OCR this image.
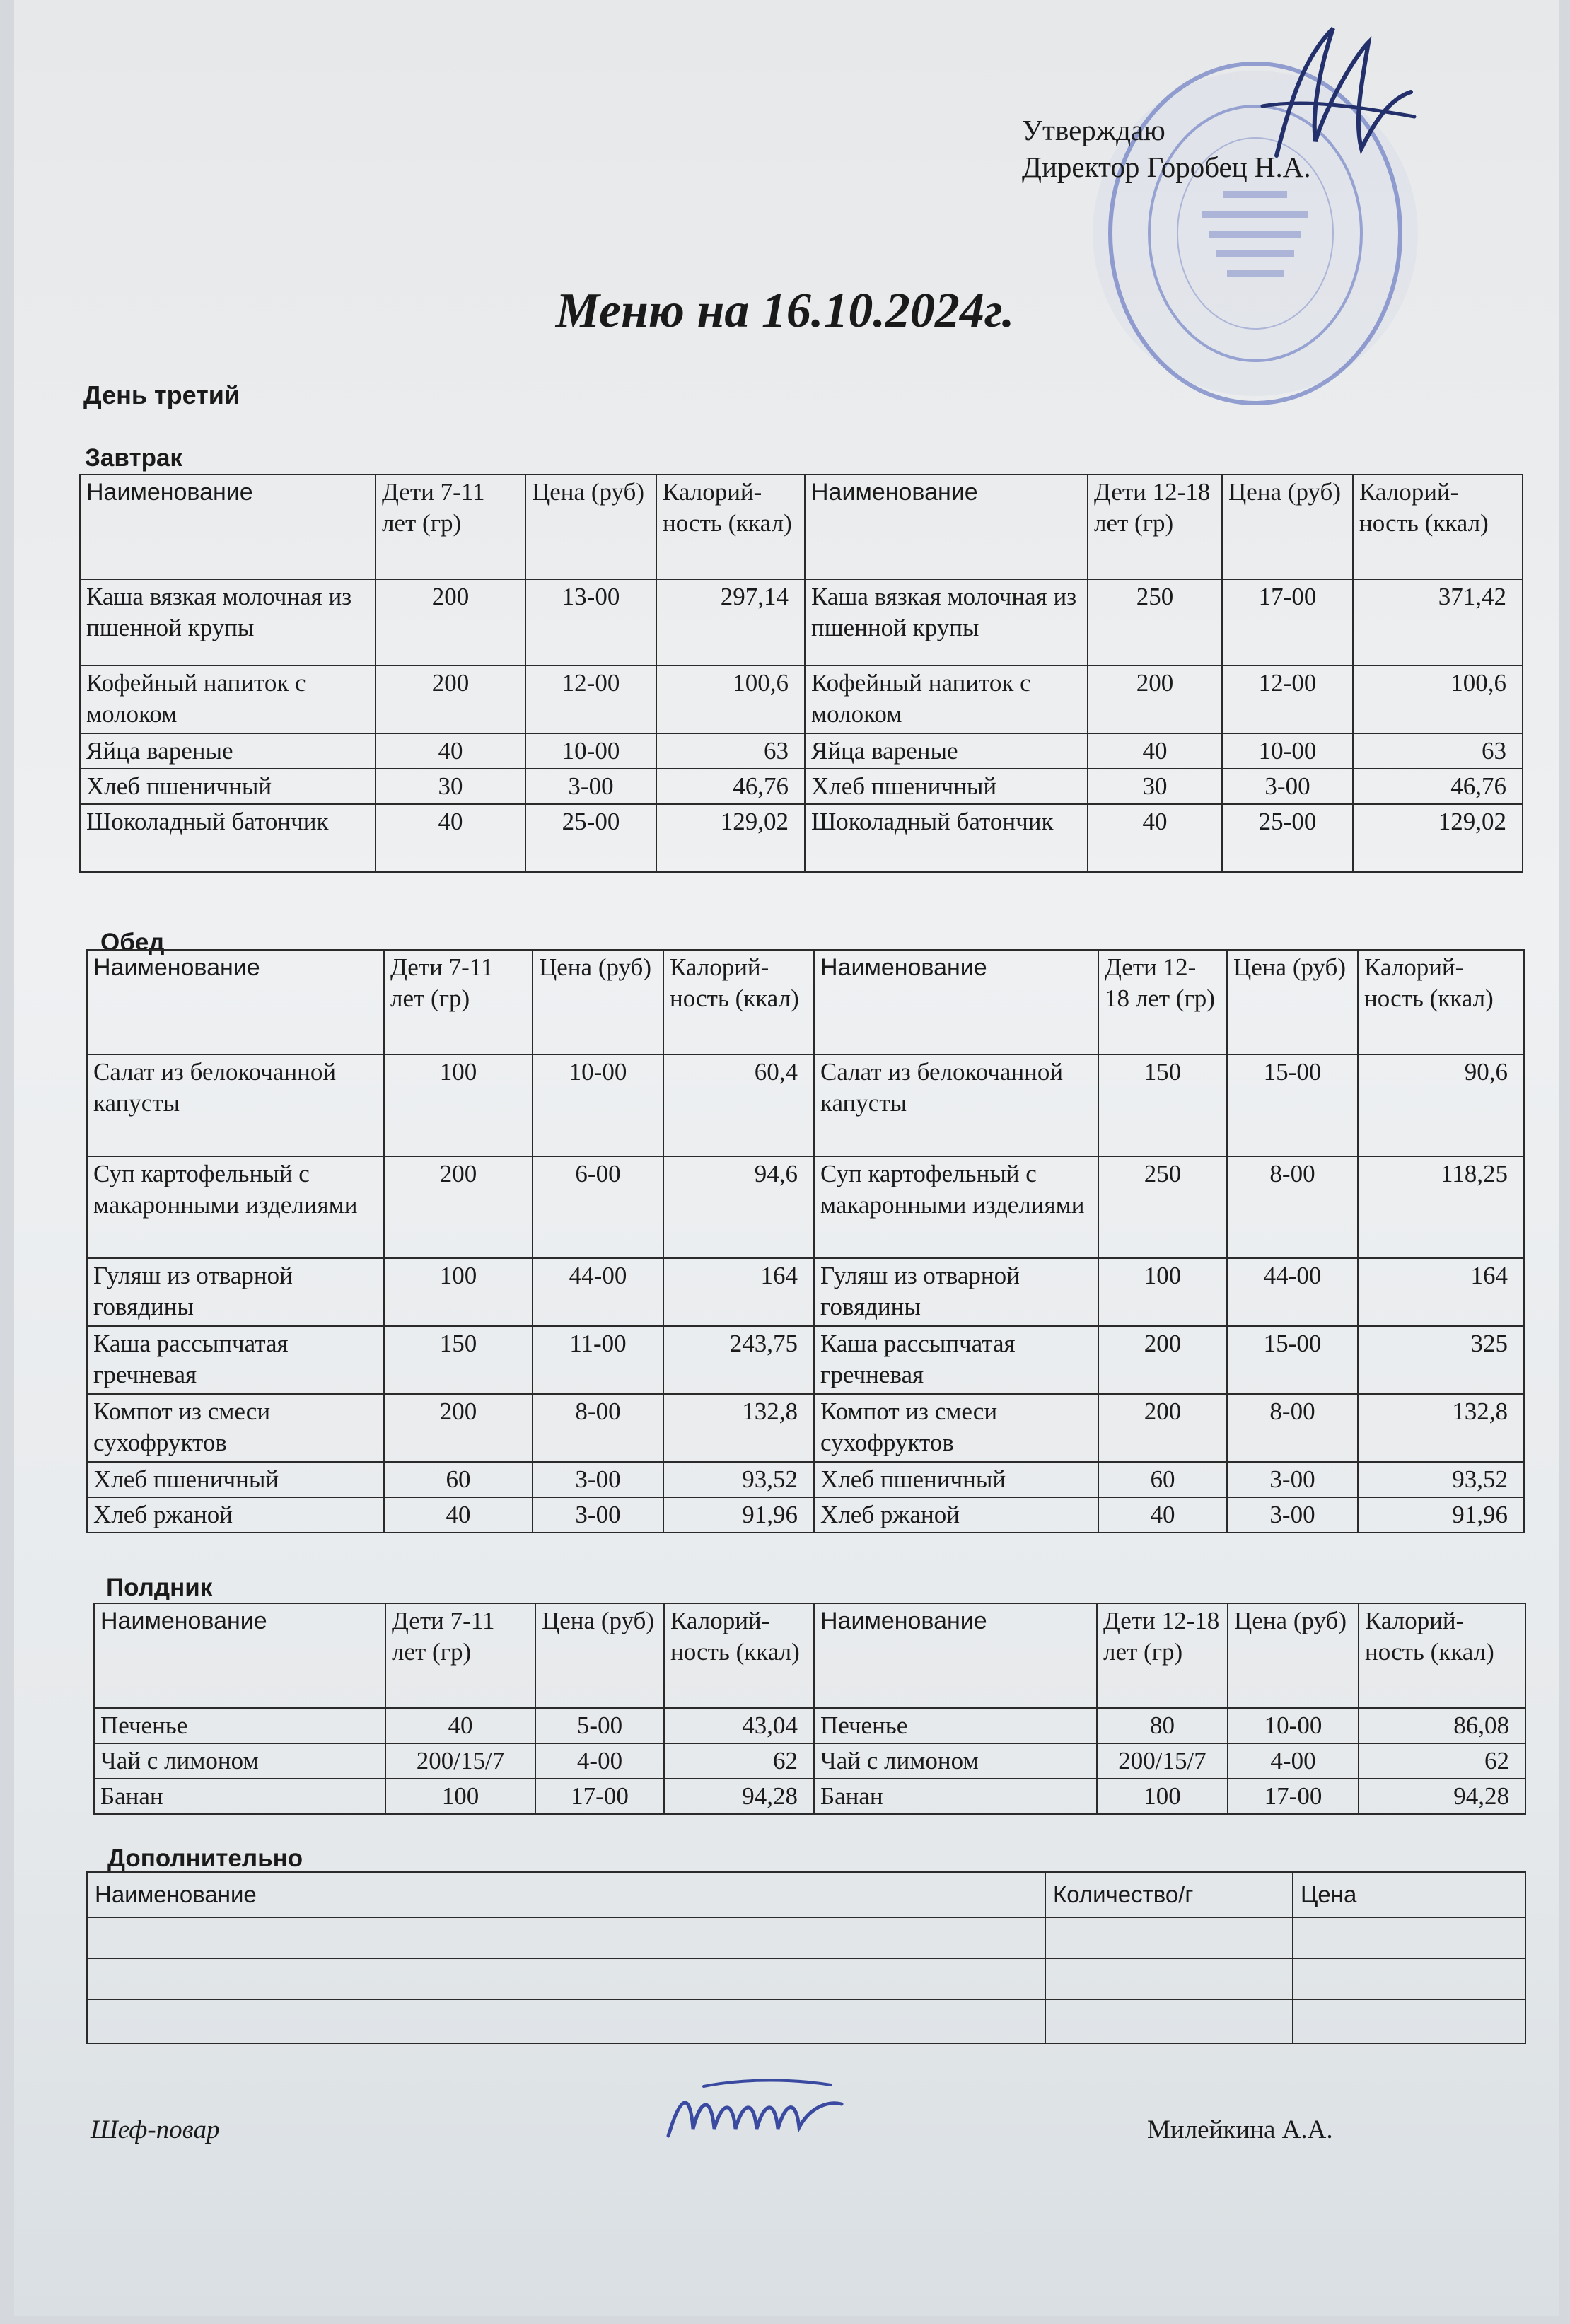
Утверждаю
Директор Горобец Н.А.
Меню на 16.10.2024г.
День третий
Завтрак
Наименование	Дети 7-11 лет (гр)	Цена (руб)	Калорий-ность (ккал)	Наименование	Дети 12-18 лет (гр)	Цена (руб)	Калорий-ность (ккал)
Каша вязкая молочная из пшенной крупы	200	13-00	297,14	Каша вязкая молочная из пшенной крупы	250	17-00	371,42
Кофейный напиток с молоком	200	12-00	100,6	Кофейный напиток с молоком	200	12-00	100,6
Яйца вареные	40	10-00	63	Яйца вареные	40	10-00	63
Хлеб пшеничный	30	3-00	46,76	Хлеб пшеничный	30	3-00	46,76
Шоколадный батончик	40	25-00	129,02	Шоколадный батончик	40	25-00	129,02
Обед
Наименование	Дети 7-11 лет (гр)	Цена (руб)	Калорий-ность (ккал)	Наименование	Дети 12-18 лет (гр)	Цена (руб)	Калорий-ность (ккал)
Салат из белокочанной капусты	100	10-00	60,4	Салат из белокочанной капусты	150	15-00	90,6
Суп картофельный с макаронными изделиями	200	6-00	94,6	Суп картофельный с макаронными изделиями	250	8-00	118,25
Гуляш из отварной говядины	100	44-00	164	Гуляш из отварной говядины	100	44-00	164
Каша рассыпчатая гречневая	150	11-00	243,75	Каша рассыпчатая гречневая	200	15-00	325
Компот из смеси сухофруктов	200	8-00	132,8	Компот из смеси сухофруктов	200	8-00	132,8
Хлеб пшеничный	60	3-00	93,52	Хлеб пшеничный	60	3-00	93,52
Хлеб ржаной	40	3-00	91,96	Хлеб ржаной	40	3-00	91,96
Полдник
Наименование	Дети 7-11 лет (гр)	Цена (руб)	Калорий-ность (ккал)	Наименование	Дети 12-18 лет (гр)	Цена (руб)	Калорий-ность (ккал)
Печенье	40	5-00	43,04	Печенье	80	10-00	86,08
Чай с лимоном	200/15/7	4-00	62	Чай с лимоном	200/15/7	4-00	62
Банан	100	17-00	94,28	Банан	100	17-00	94,28
Дополнительно
Наименование	Количество/г	Цена

Шеф-повар	Милейкина А.А.
